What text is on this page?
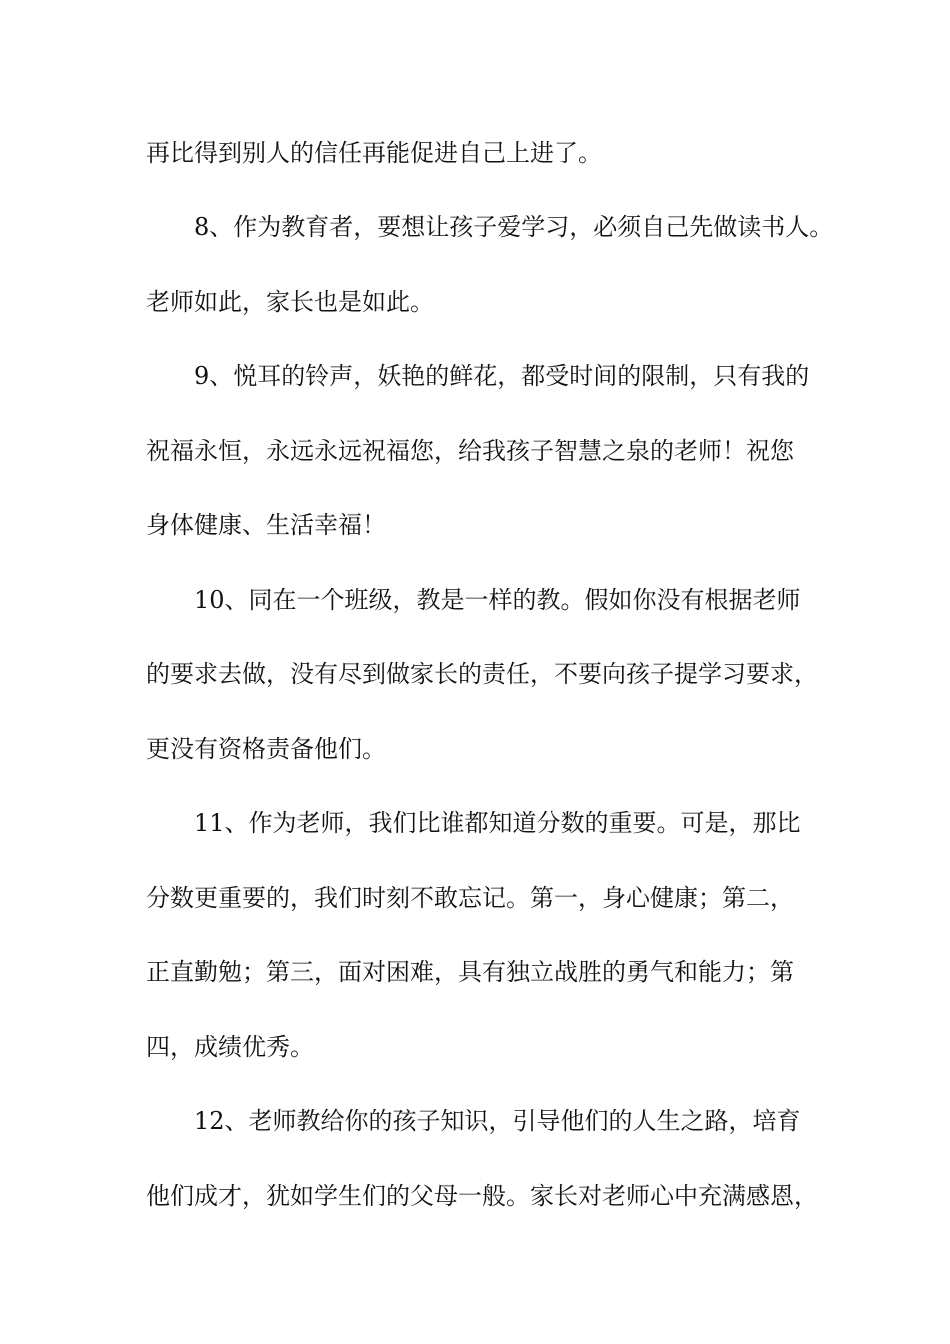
再比得到别人的信任再能促进自己上进了。
8、作为教育者，要想让孩子爱学习，必须自己先做读书人。
老师如此，家长也是如此。
9、悦耳的铃声，妖艳的鲜花，都受时间的限制，只有我的
祝福永恒，永远永远祝福您，给我孩子智慧之泉的老师！祝您
身体健康、生活幸福！
10、同在一个班级，教是一样的教。假如你没有根据老师
的要求去做，没有尽到做家长的责任，不要向孩子提学习要求，
更没有资格责备他们。
11、作为老师，我们比谁都知道分数的重要。可是，那比
分数更重要的，我们时刻不敢忘记。第一，身心健康；第二，
正直勤勉；第三，面对困难，具有独立战胜的勇气和能力；第
四，成绩优秀。
12、老师教给你的孩子知识，引导他们的人生之路，培育
他们成才，犹如学生们的父母一般。家长对老师心中充满感恩，
